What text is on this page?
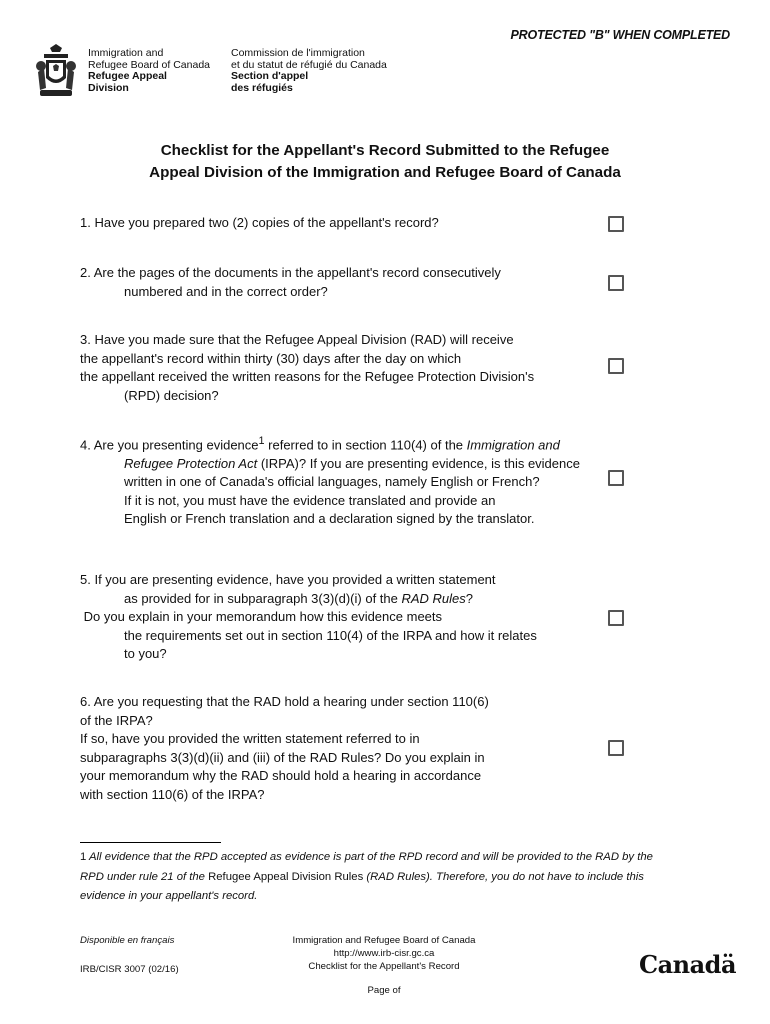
PROTECTED "B" WHEN COMPLETED
Immigration and
Refugee Board of Canada
Refugee Appeal
Division
Commission de l'immigration
et du statut de réfugié du Canada
Section d'appel
des réfugiés
Checklist for the Appellant's Record Submitted to the Refugee
Appeal Division of the Immigration and Refugee Board of Canada

1. Have you prepared two (2) copies of the appellant's record?

2. Are the pages of the documents in the appellant's record consecutively

numbered and in the correct order?

3. Have you made sure that the Refugee Appeal Division (RAD) will receive

the appellant's record within thirty (30) days after the day on which

the appellant received the written reasons for the Refugee Protection Division's

(RPD) decision?

4. Are you presenting evidence$^1$ referred to in section 110(4) of the Immigration and

Refugee Protection Act (IRPA)? If you are presenting evidence, is this evidence

written in one of Canada's official languages, namely English or French?

If it is not, you must have the evidence translated and provide an

English or French translation and a declaration signed by the translator.

5. If you are presenting evidence, have you provided a written statement

as provided for in subparagraph 3(3)(d)(i) of the RAD Rules?

Do you explain in your memorandum how this evidence meets

the requirements set out in section 110(4) of the IRPA and how it relates

to you?

6. Are you requesting that the RAD hold a hearing under section 110(6)

of the IRPA?

If so, have you provided the written statement referred to in

subparagraphs 3(3)(d)(ii) and (iii) of the RAD Rules? Do you explain in

your memorandum why the RAD should hold a hearing in accordance

with section 110(6) of the IRPA?

1 All evidence that the RPD accepted as evidence is part of the RPD record and will be provided to the RAD by the
RPD under rule 21 of the Refugee Appeal Division Rules (RAD Rules). Therefore, you do not have to include this
evidence in your appellant's record.
Disponible en français
IRB/CISR 3007 (02/16)
Immigration and Refugee Board of Canada
http://www.irb-cisr.gc.ca
Checklist for the Appellant's Record
Page of
Canadä
